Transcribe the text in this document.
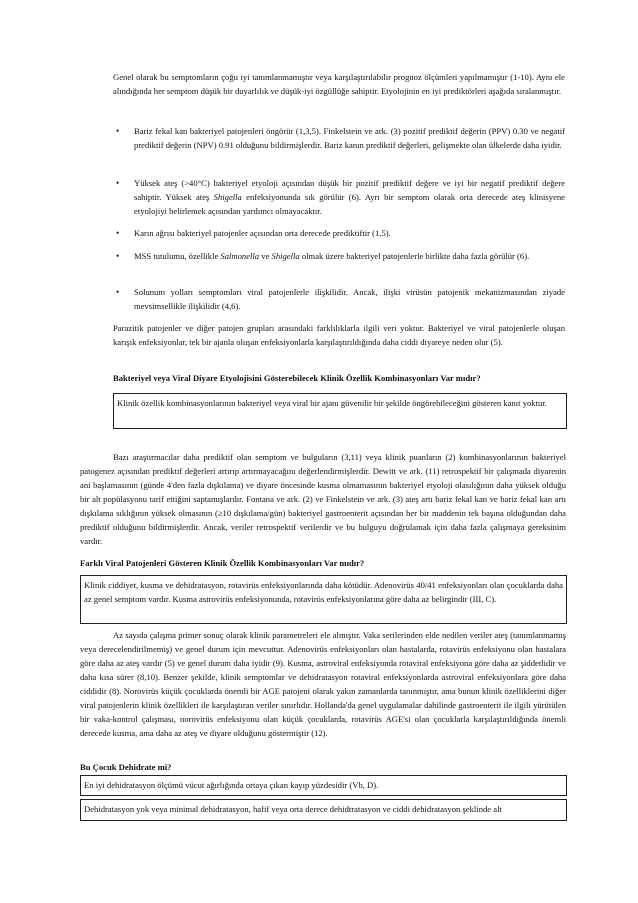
Genel olarak bu semptomların çoğu iyi tanımlanmamıştır veya karşılaştırılabilir prognoz ölçümleri yapılmamıştır (1-10). Aynı ele alındığında her semptom düşük bir duyarlılık ve düşük-iyi özgüllüğe sahiptir. Etyolojinin en iyi prediktörleri aşağıda sıralanmıştır.

• Bariz fekal kan bakteriyel patojenleri öngörür (1,3,5). Finkelstein ve ark. (3) pozitif prediktif değerin (PPV) 0.30 ve negatif prediktif değerin (NPV) 0.91 olduğunu bildirmişlerdir. Bariz kanın prediktif değerleri, gelişmekte olan ülkelerde daha iyidir.

• Yüksek ateş (>40°C) bakteriyel etyoloji açısından düşük bir pozitif prediktif değere ve iyi bir negatif prediktif değere sahiptir. Yüksek ateş Shigella enfeksiyonunda sık görülür (6). Ayrı bir semptom olarak orta derecede ateş klinisyene etyolojiyi belirlemek açısından yardımcı olmayacaktır.

• Karın ağrısı bakteriyel patojenler açısından orta derecede prediktiftir (1,5).

• MSS tutulumu, özellikle Salmonella ve Shigella olmak üzere bakteriyel patojenlerle birlikte daha fazla görülür (6).

• Solunum yolları semptomları viral patojenlerle ilişkilidir. Ancak, ilişki virüsün patojenik mekanizmasından ziyade mevsimsellikle ilişkilidir (4,6).

Parazitik patojenler ve diğer patojen grupları arasındaki farklılıklarla ilgili veri yoktur. Bakteriyel ve viral patojenlerle oluşan karışık enfeksiyonlar, tek bir ajanla oluşan enfeksiyonlarla karşılaştırıldığında daha ciddi diyareye neden olur (5).

Bakteriyel veya Viral Diyare Etyolojisini Gösterebilecek Klinik Özellik Kombinasyonları Var mıdır?

Klinik özellik kombinasyonlarının bakteriyel veya viral bir ajanı güvenilir bir şekilde öngörebileceğini gösteren kanıt yoktur.

Bazı araştırmacılar daha prediktif olan semptom ve bulguların (3,11) veya klinik puanların (2) kombinasyonlarının bakteriyel patogenez açısından prediktif değerleri artırıp artırmayacağını değerlendirmişlerdir. Dewitt ve ark. (11) retrospektif bir çalışmada diyarenin ani başlamasının (günde 4'den fazla dışkılama) ve diyare öncesinde kusma olmamasının bakteriyel etyoloji olasılığının daha yüksek olduğu bir alt popülasyonu tarif ettiğini saptamışlardır. Fontana ve ark. (2) ve Finkelstein ve ark. (3) ateş artı bariz fekal kan ve bariz fekal kan artı dışkılama sıklığının yüksek olmasının (≥10 dışkılama/gün) bakteriyel gastroenterit açısından her bir maddenin tek başına olduğundan daha prediktif olduğunu bildirmişlerdir. Ancak, veriler retrospektif verilerdir ve bu bulguyu doğrulamak için daha fazla çalışmaya gereksinim vardır.

Farklı Viral Patojenleri Gösteren Klinik Özellik Kombinasyonları Var mıdır?

Klinik ciddiyet, kusma ve dehidratasyon, rotavirüs enfeksiyonlarında daha kötüdür. Adenovirüs 40/41 enfeksiyonları olan çocuklarda daha az genel semptom vardır. Kusma astrovirüs enfeksiyonunda, rotavirüs enfeksiyonlarına göre daha az belirgindir (III, C).

Az sayıda çalışma primer sonuç olarak klinik parametreleri ele almıştır. Vaka serilerinden elde nedilen veriler ateş (tanımlanmamış veya derecelendirilmemiş) ve genel durum için mevcuttur. Adenovirüs enfeksiyonları olan hastalarda, rotavirüs enfeksiyonu olan hastalara göre daha az ateş vardır (5) ve genel durum daha iyidir (9). Kusma, astroviral enfeksiyonda rotaviral enfeksiyona göre daha az şiddetlidir ve daha kısa sürer (8,10). Benzer şekilde, klinik semptomlar ve dehidratasyon rotaviral enfeksiyonlarda astroviral enfeksiyonlara göre daha ciddidir (8). Norovirüs küçük çocuklarda önemli bir AGE patojeni olarak yakın zamanlarda tanınmıştır, ama bunun klinik özelliklerini diğer viral patojenlerin klinik özellikleri ile karşılaştıran veriler sınırlıdır. Hollanda'da genel uygulamalar dahilinde gastroenterit ile ilgili yürütülen bir vaka-kontrol çalışması, norovirüs enfeksiyonu olan küçük çocuklarda, rotavirüs AGE'si olan çocuklarla karşılaştırıldığında önemli derecede kusma, ama daha az ateş ve diyare olduğunu göstermiştir (12).

Bu Çocuk Dehidrate mi?

En iyi dehidratasyon ölçümü vücut ağırlığında ortaya çıkan kayıp yüzdesidir (Vb, D).
Dehidratasyon yok veya minimal dehidratasyon, hafif veya orta derece dehidtratasyon ve ciddi dehidratasyon şeklinde alt
